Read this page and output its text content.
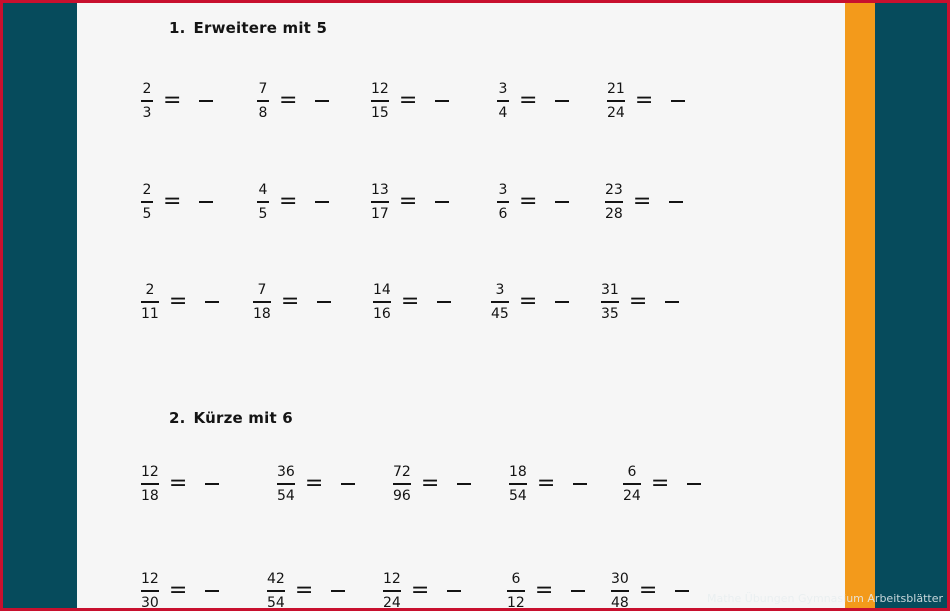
1. Erweitere mit 5
$\frac{2}{3}$ =	$\frac{7}{8}$ =	$\frac{12}{15}$ =	$\frac{3}{4}$ =	$\frac{21}{24}$ =
$\frac{2}{5}$ =	$\frac{4}{5}$ =	$\frac{13}{17}$ =	$\frac{3}{6}$ =	$\frac{23}{28}$ =
$\frac{2}{11}$ =	$\frac{7}{18}$ =	$\frac{14}{16}$ =	$\frac{3}{45}$ =	$\frac{31}{35}$ =
2. Kürze mit 6
$\frac{12}{18}$ =	$\frac{36}{54}$ =	$\frac{72}{96}$ =	$\frac{18}{54}$ =	$\frac{6}{24}$ =
$\frac{12}{30}$ =	$\frac{42}{54}$ =	$\frac{12}{24}$ =	$\frac{6}{12}$ =	$\frac{30}{48}$ =	Mathe Übungen Gymnasium Arbeitsblätter
